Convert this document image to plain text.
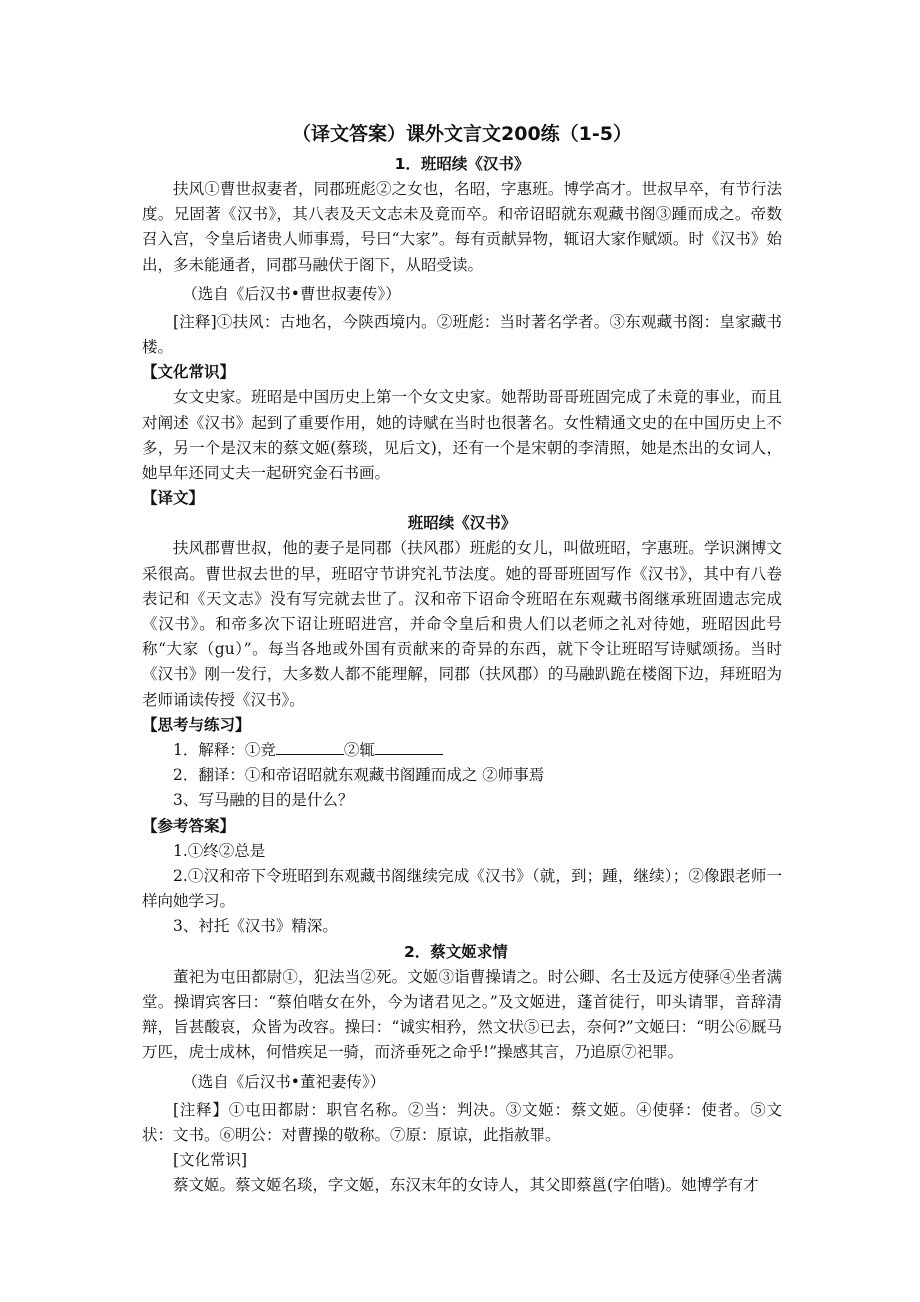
（译文答案）课外文言文200练（1-5）
1．班昭续《汉书》

扶风①曹世叔妻者，同郡班彪②之女也，名昭，字惠班。博学高才。世叔早卒，有节行法度。兄固著《汉书》，其八表及天文志未及竟而卒。和帝诏昭就东观藏书阁③踵而成之。帝数召入宫，令皇后诸贵人师事焉，号曰“大家”。每有贡献异物，辄诏大家作赋颂。时《汉书》始出，多未能通者，同郡马融伏于阁下，从昭受读。

（选自《后汉书•曹世叔妻传》）

[注释]①扶风：古地名，今陕西境内。②班彪：当时著名学者。③东观藏书阁：皇家藏书楼。

【文化常识】

女文史家。班昭是中国历史上第一个女文史家。她帮助哥哥班固完成了未竟的事业，而且对阐述《汉书》起到了重要作用，她的诗赋在当时也很著名。女性精通文史的在中国历史上不多，另一个是汉末的蔡文姬(蔡琰，见后文)，还有一个是宋朝的李清照，她是杰出的女词人，她早年还同丈夫一起研究金石书画。

【译文】
班昭续《汉书》

扶风郡曹世叔，他的妻子是同郡（扶风郡）班彪的女儿，叫做班昭，字惠班。学识渊博文采很高。曹世叔去世的早，班昭守节讲究礼节法度。她的哥哥班固写作《汉书》，其中有八卷表记和《天文志》没有写完就去世了。汉和帝下诏命令班昭在东观藏书阁继承班固遗志完成《汉书》。和帝多次下诏让班昭进宫，并命令皇后和贵人们以老师之礼对待她，班昭因此号称“大家（gu）”。每当各地或外国有贡献来的奇异的东西，就下令让班昭写诗赋颂扬。当时《汉书》刚一发行，大多数人都不能理解，同郡（扶风郡）的马融趴跪在楼阁下边，拜班昭为老师诵读传授《汉书》。

【思考与练习】

1．解释：①竞	②辄

2．翻译：①和帝诏昭就东观藏书阁踵而成之 ②师事焉

3、写马融的目的是什么？

【参考答案】

1.①终②总是

2.①汉和帝下令班昭到东观藏书阁继续完成《汉书》（就，到；踵，继续）；②像跟老师一样向她学习。

3、衬托《汉书》精深。

2．蔡文姬求情

董祀为屯田都尉①，犯法当②死。文姬③诣曹操请之。时公卿、名士及远方使驿④坐者满堂。操谓宾客曰：“蔡伯喈女在外，今为诸君见之。”及文姬进，蓬首徒行，叩头请罪，音辞清辩，旨甚酸哀，众皆为改容。操曰：“诚实相矜，然文状⑤已去，奈何?”文姬曰：“明公⑥厩马万匹，虎士成林，何惜疾足一骑，而济垂死之命乎!”操感其言，乃追原⑦祀罪。

（选自《后汉书•董祀妻传》）

[注释】①屯田都尉：职官名称。②当：判决。③文姬：蔡文姬。④使驿：使者。⑤文状：文书。⑥明公：对曹操的敬称。⑦原：原谅，此指赦罪。

[文化常识]

蔡文姬。蔡文姬名琰，字文姬，东汉末年的女诗人，其父即蔡邕(字伯喈)。她博学有才
